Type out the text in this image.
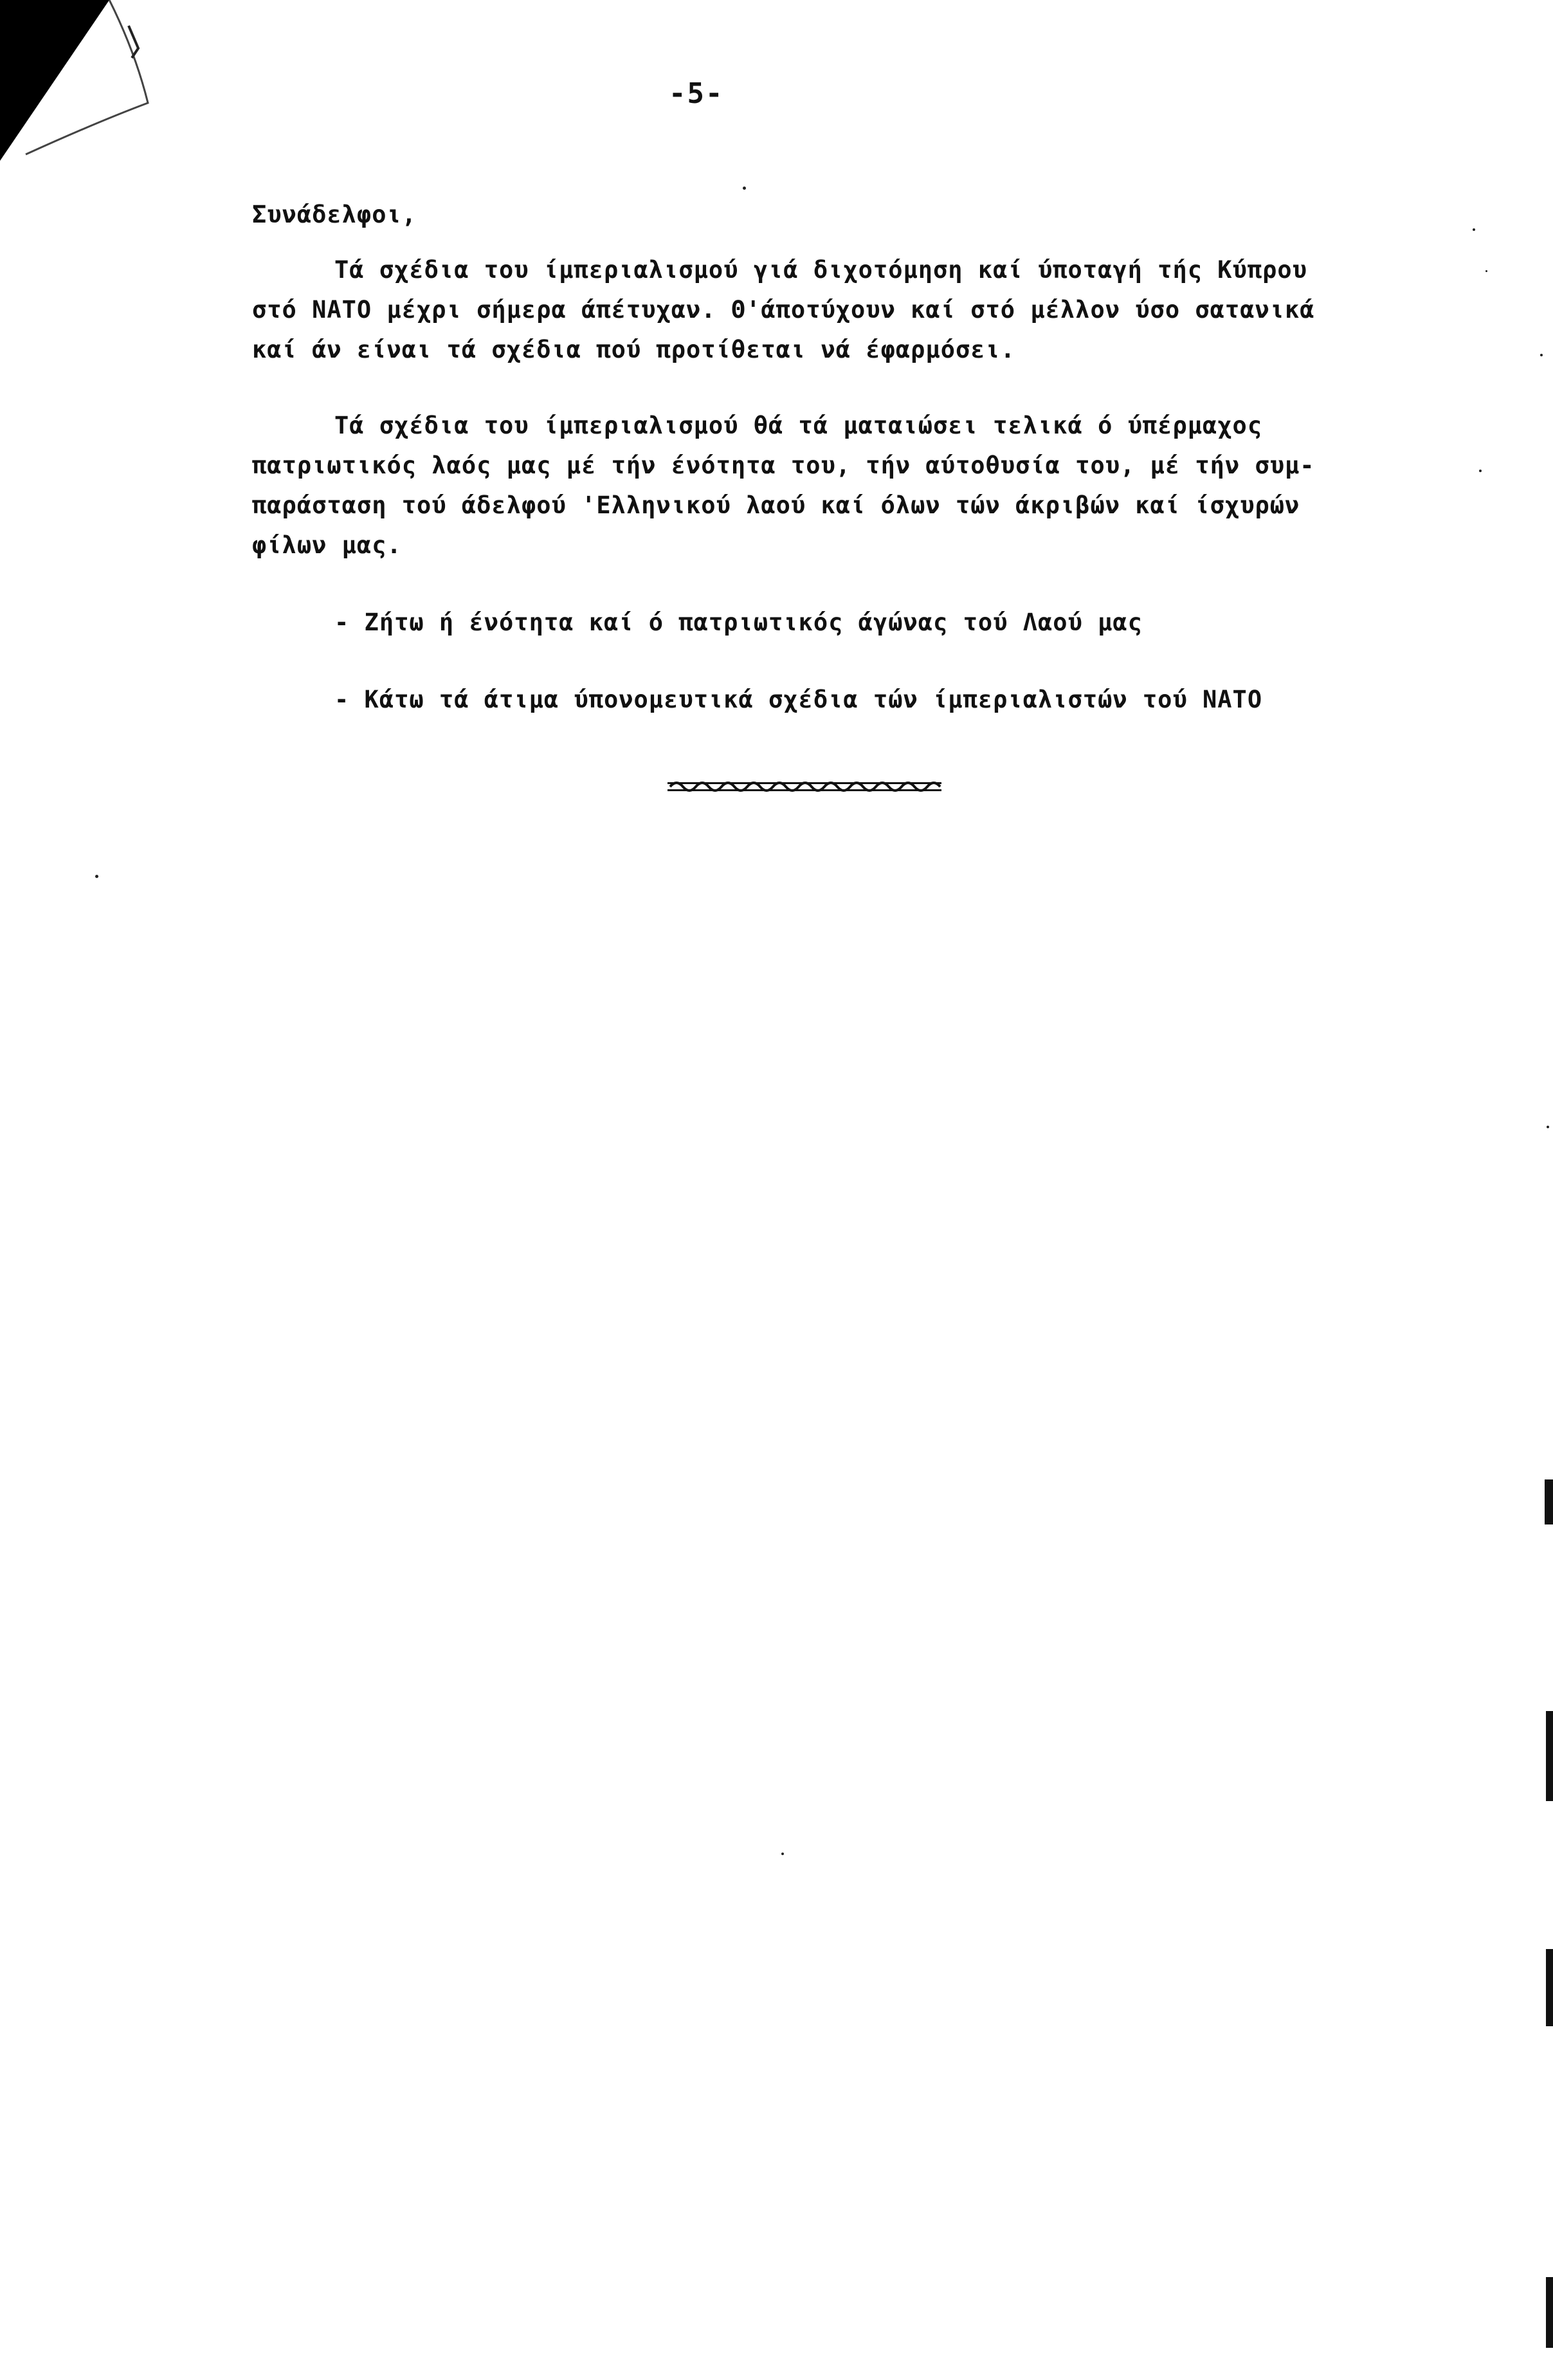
-5-
Συνάδελφοι,
Τά σχέδια του ίμπεριαλισμού γιά διχοτόμηση καί ύποταγή τής Κύπρου
στό ΝΑΤΟ μέχρι σήμερα άπέτυχαν. Θ'άποτύχουν καί στό μέλλον ύσο σατανικά
καί άν είναι τά σχέδια πού προτίθεται νά έφαρμόσει.
Τά σχέδια του ίμπεριαλισμού θά τά ματαιώσει τελικά ό ύπέρμαχος
πατριωτικός λαός μας μέ τήν ένότητα του, τήν αύτοθυσία του, μέ τήν συμ-
παράσταση τού άδελφού 'Ελληνικού λαού καί όλων τών άκριβών καί ίσχυρών
φίλων μας.
- Ζήτω ή ένότητα καί ό πατριωτικός άγώνας τού Λαού μας
- Κάτω τά άτιμα ύπονομευτικά σχέδια τών ίμπεριαλιστών τού ΝΑΤΟ
